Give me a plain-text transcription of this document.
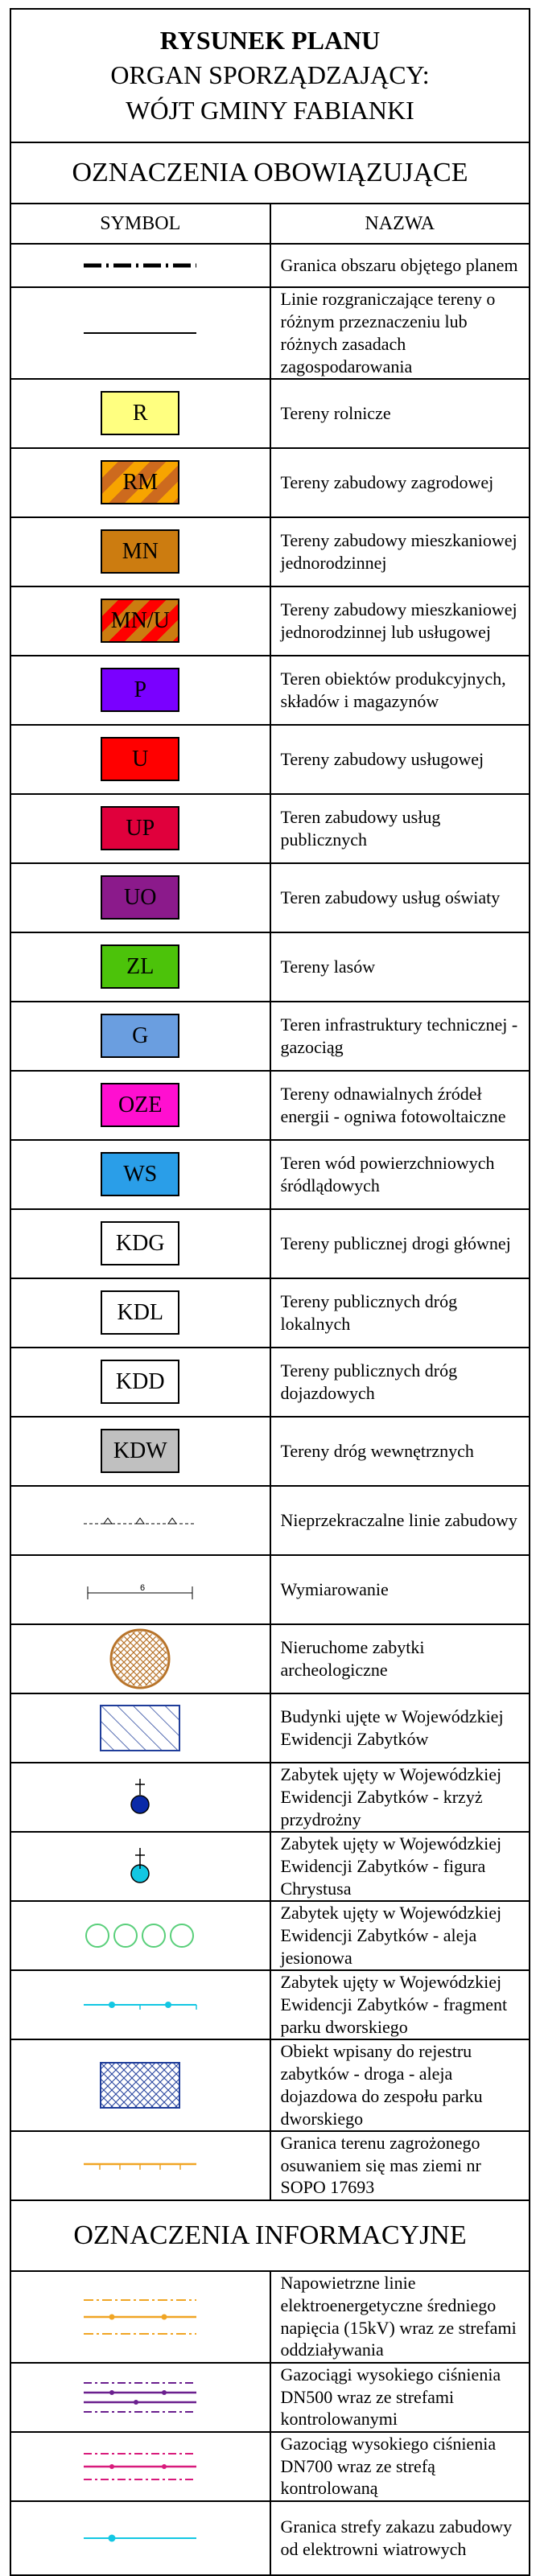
RYSUNEK PLANU
ORGAN SPORZĄDZAJĄCY:
WÓJT GMINY FABIANKI	

OZNACZENIA OBOWIĄZUJĄCE	
SYMBOL	NAZWA

	Granica obszaru objętego planem

	Linie rozgraniczające tereny o różnym przeznaczeniu lub różnych zasadach zagospodarowania
R	Tereny rolnicze
RM	Tereny zabudowy zagrodowej
MN	Tereny zabudowy mieszkaniowej jednorodzinnej
MN/U	Tereny zabudowy mieszkaniowej jednorodzinnej lub usługowej
P	Teren obiektów produkcyjnych, składów i magazynów
U	Tereny zabudowy usługowej
UP	Teren zabudowy usług publicznych
UO	Teren zabudowy usług oświaty
ZL	Tereny lasów
G	Teren infrastruktury technicznej - gazociąg
OZE	Tereny odnawialnych źródeł energii - ogniwa fotowoltaiczne
WS	Teren wód powierzchniowych śródlądowych
KDG	Tereny publicznej drogi głównej
KDL	Tereny publicznych dróg lokalnych
KDD	Tereny publicznych dróg dojazdowych
KDW	Tereny dróg wewnętrznych

	Nieprzekraczalne linie zabudowy

6	Wymiarowanie

	Nieruchome zabytki archeologiczne

	Budynki ujęte w Wojewódzkiej Ewidencji Zabytków

	Zabytek ujęty w Wojewódzkiej Ewidencji Zabytków - krzyż przydrożny

	Zabytek ujęty w Wojewódzkiej Ewidencji Zabytków - figura Chrystusa

	Zabytek ujęty w Wojewódzkiej Ewidencji Zabytków - aleja jesionowa

	Zabytek ujęty w Wojewódzkiej Ewidencji Zabytków - fragment parku dworskiego

	Obiekt wpisany do rejestru zabytków - droga - aleja dojazdowa do zespołu parku dworskiego

	Granica terenu zagrożonego osuwaniem się mas ziemi nr SOPO 17693
OZNACZENIA INFORMACYJNE	

	Napowietrzne linie elektroenergetyczne średniego napięcia (15kV) wraz ze strefami oddziaływania

	Gazociągi wysokiego ciśnienia DN500 wraz ze strefami kontrolowanymi

	Gazociąg wysokiego ciśnienia DN700 wraz ze strefą kontrolowaną

	Granica strefy zakazu zabudowy od elektrowni wiatrowych
